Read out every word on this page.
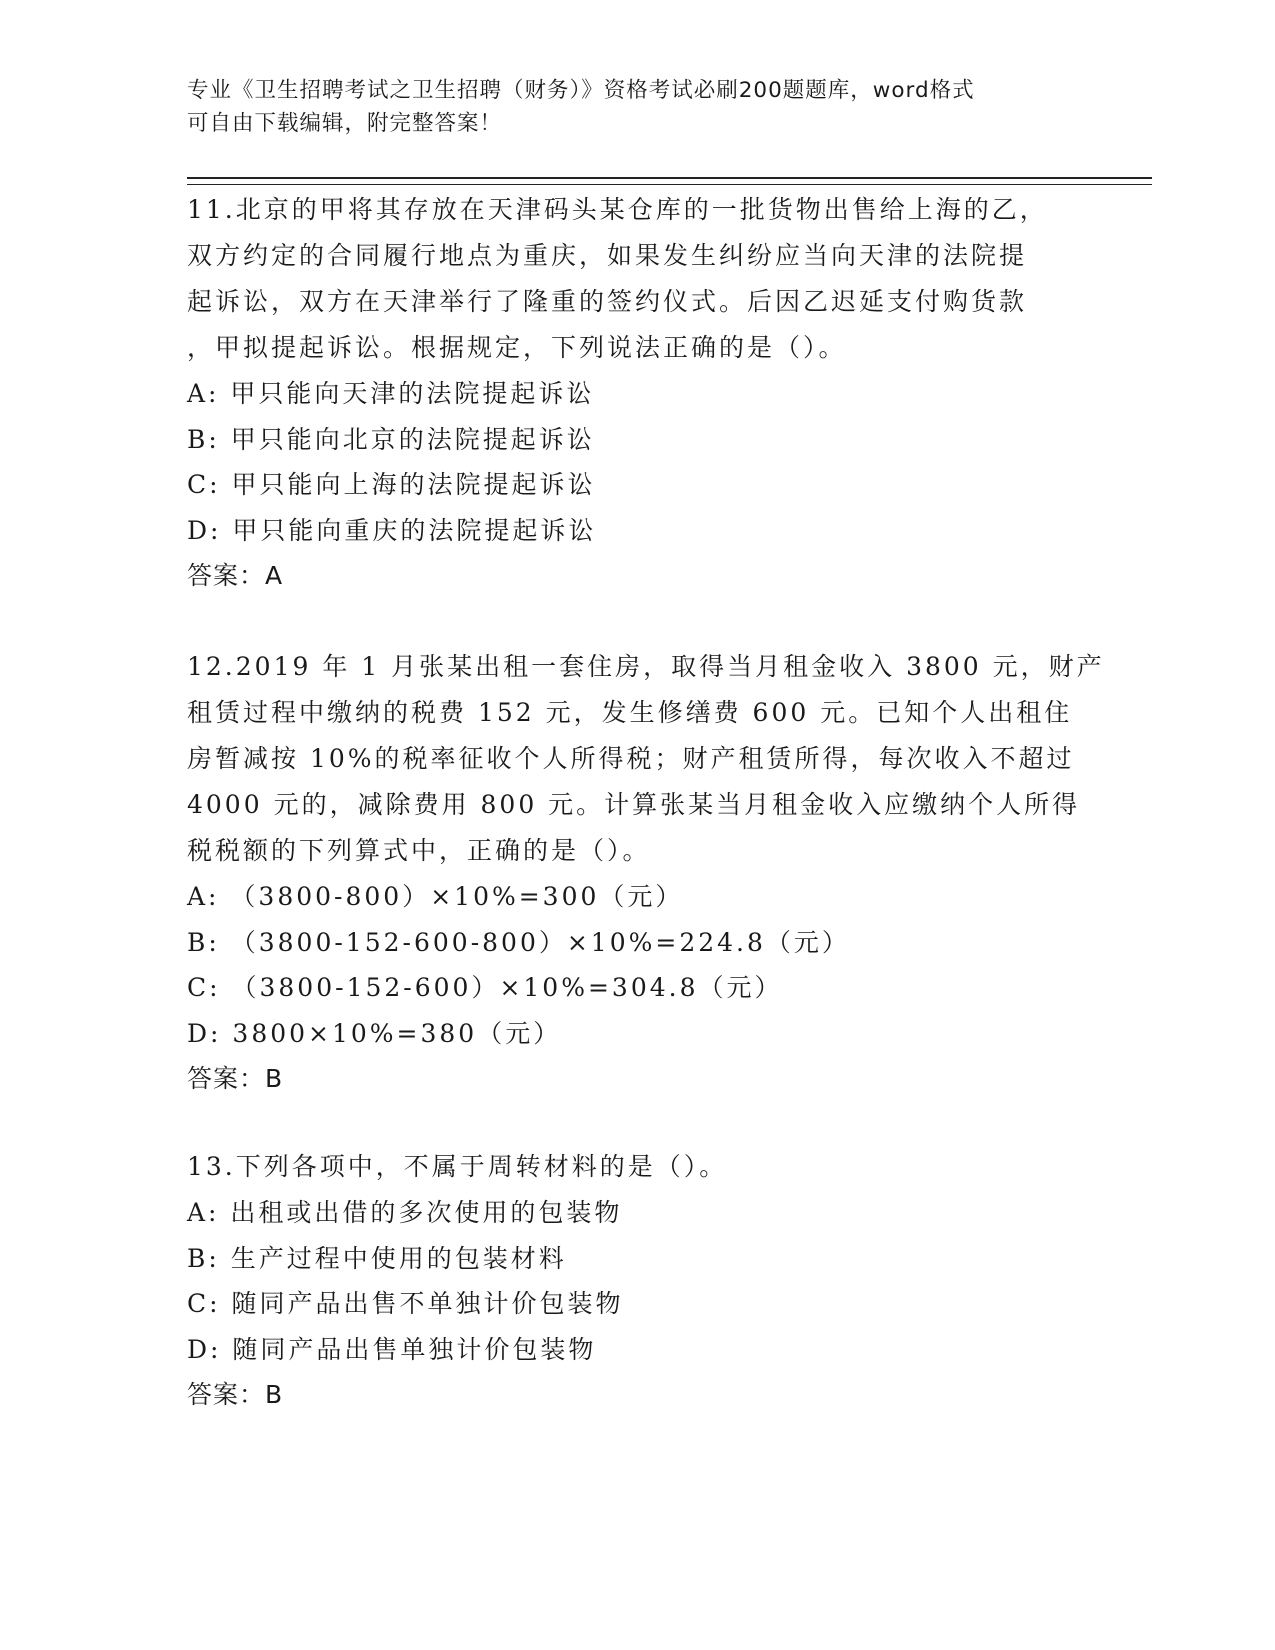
专业《卫生招聘考试之卫生招聘（财务）》资格考试必刷200题题库，word格式
可自由下载编辑，附完整答案！
11.北京的甲将其存放在天津码头某仓库的一批货物出售给上海的乙，
双方约定的合同履行地点为重庆，如果发生纠纷应当向天津的法院提
起诉讼，双方在天津举行了隆重的签约仪式。后因乙迟延支付购货款
，甲拟提起诉讼。根据规定，下列说法正确的是（）。
A: 甲只能向天津的法院提起诉讼
B: 甲只能向北京的法院提起诉讼
C: 甲只能向上海的法院提起诉讼
D: 甲只能向重庆的法院提起诉讼
答案：A
12.2019 年 1 月张某出租一套住房，取得当月租金收入 3800 元，财产
租赁过程中缴纳的税费 152 元，发生修缮费 600 元。已知个人出租住
房暂减按 10%的税率征收个人所得税；财产租赁所得，每次收入不超过
4000 元的，减除费用 800 元。计算张某当月租金收入应缴纳个人所得
税税额的下列算式中，正确的是（）。
A: （3800-800）×10%=300（元）
B: （3800-152-600-800）×10%=224.8（元）
C: （3800-152-600）×10%=304.8（元）
D: 3800×10%=380（元）
答案：B
13.下列各项中，不属于周转材料的是（）。
A: 出租或出借的多次使用的包装物
B: 生产过程中使用的包装材料
C: 随同产品出售不单独计价包装物
D: 随同产品出售单独计价包装物
答案：B
